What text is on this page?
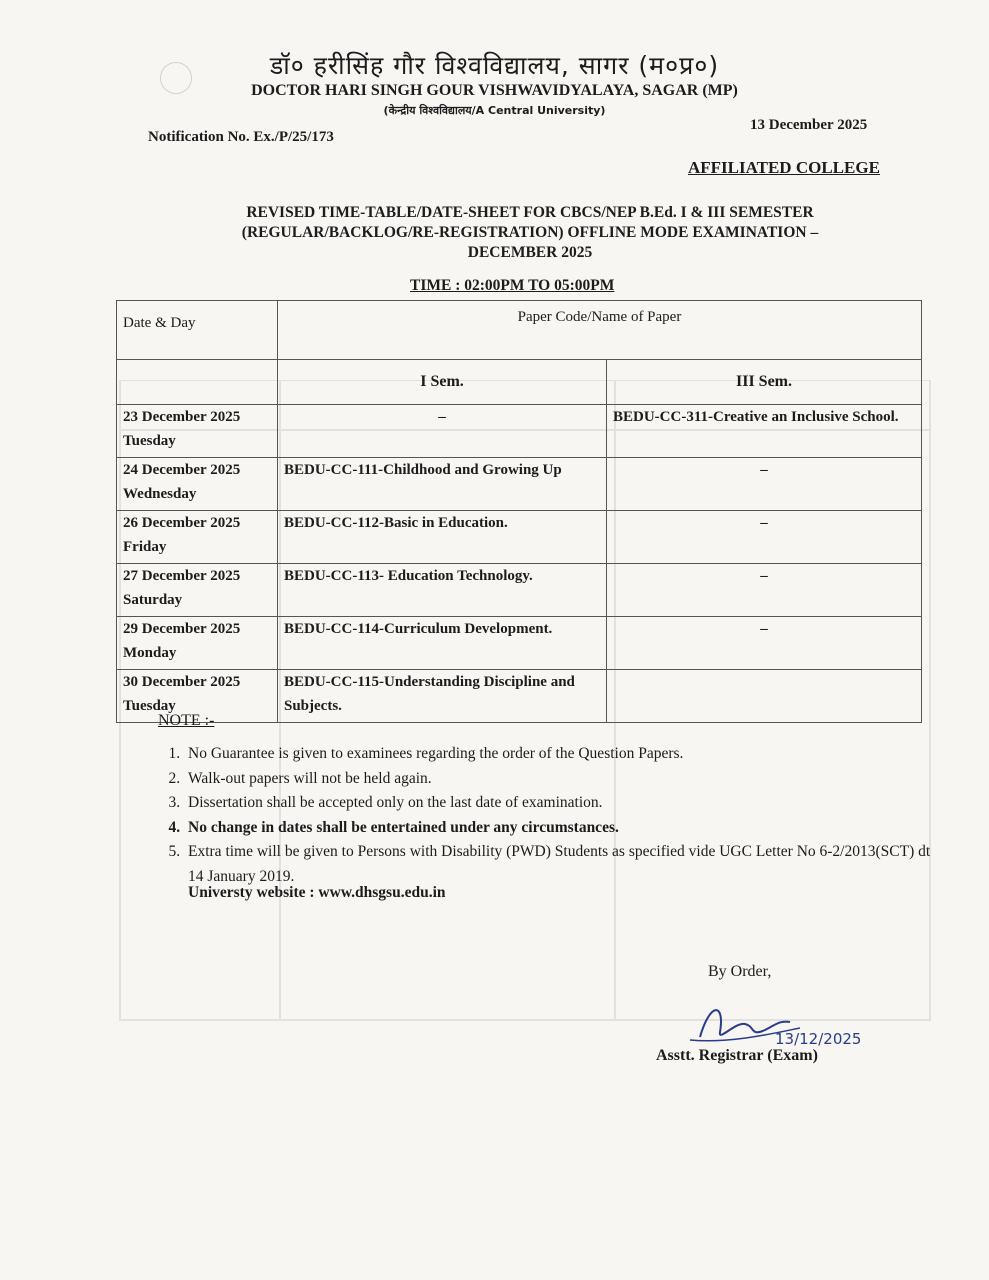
डॉ० हरीसिंह गौर विश्वविद्यालय, सागर (म०प्र०)
DOCTOR HARI SINGH GOUR VISHWAVIDYALAYA, SAGAR (MP)
(केन्द्रीय विश्वविद्यालय/A Central University)
Notification No. Ex./P/25/173
13 December 2025
AFFILIATED COLLEGE
REVISED TIME-TABLE/DATE-SHEET FOR CBCS/NEP B.Ed. I & III SEMESTER
(REGULAR/BACKLOG/RE-REGISTRATION) OFFLINE MODE EXAMINATION –
DECEMBER 2025
TIME : 02:00PM TO 05:00PM
Date & Day	Paper Code/Name of Paper	
	I Sem.	III Sem.
23 December 2025
Tuesday	–	BEDU-CC-311-Creative an Inclusive School.
24 December 2025
Wednesday	BEDU-CC-111-Childhood and Growing Up	–
26 December 2025
Friday	BEDU-CC-112-Basic in Education.	–
27 December 2025
Saturday	BEDU-CC-113- Education Technology.	–
29 December 2025
Monday	BEDU-CC-114-Curriculum Development.	–
30 December 2025
Tuesday	BEDU-CC-115-Understanding Discipline and Subjects.	
NOTE :-
1. No Guarantee is given to examinees regarding the order of the Question Papers.
2. Walk-out papers will not be held again.
3. Dissertation shall be accepted only on the last date of examination.
4. No change in dates shall be entertained under any circumstances.
5. Extra time will be given to Persons with Disability (PWD) Students as specified vide UGC Letter No 6-2/2013(SCT) dt 14 January 2019.
Universty website : www.dhsgsu.edu.in
By Order,
13/12/2025
Asstt. Registrar (Exam)
